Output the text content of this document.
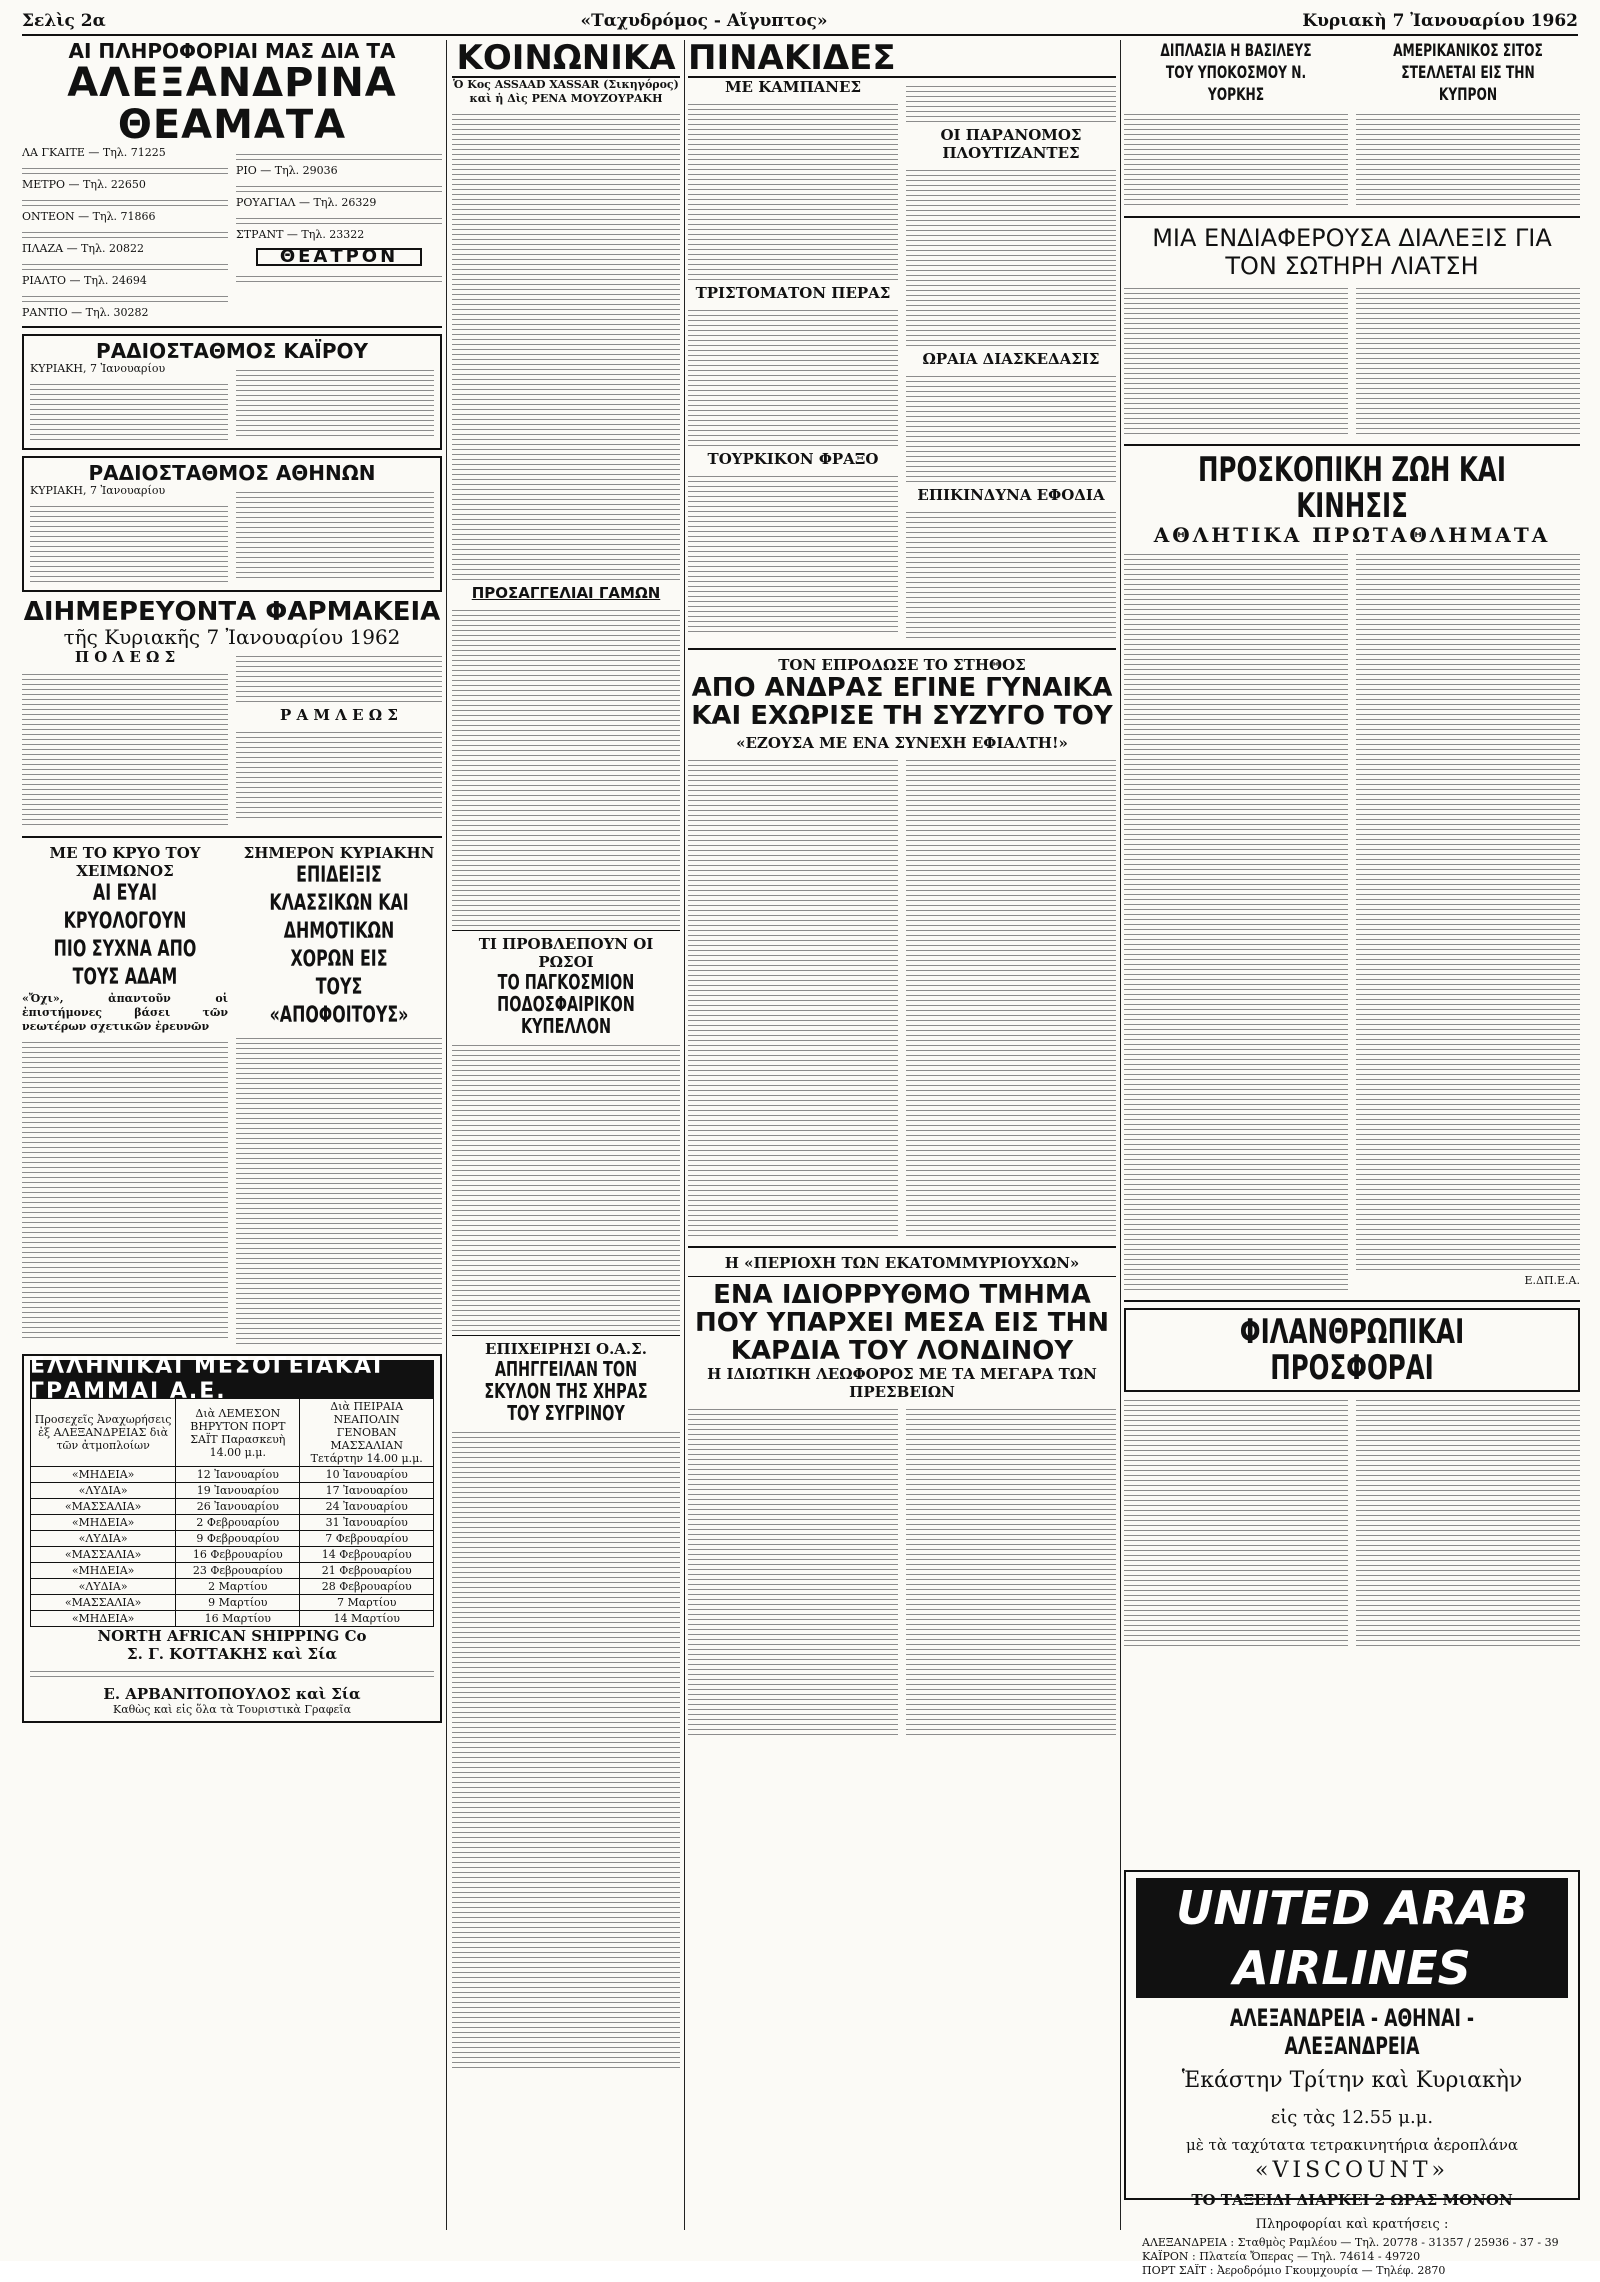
Σελὶς 2α	«Ταχυδρόμος - Αἴγυπτος»	Κυριακὴ 7 Ἰανουαρίου 1962
ΑΙ ΠΛΗΡΟΦΟΡΙΑΙ ΜΑΣ ΔΙΑ ΤΑ
ΑΛΕΞΑΝΔΡΙΝΑ ΘΕΑΜΑΤΑ
ΛΑ ΓΚΑΙΤΕ — Τηλ. 71225
ΜΕΤΡΟ — Τηλ. 22650
ΟΝΤΕΟΝ — Τηλ. 71866
ΠΛΑΖΑ — Τηλ. 20822
ΡΙΑΛΤΟ — Τηλ. 24694
ΡΑΝΤΙΟ — Τηλ. 30282
ΡΙΟ — Τηλ. 29036
ΡΟΥΑΓΙΑΛ — Τηλ. 26329
ΣΤΡΑΝΤ — Τηλ. 23322
ΘΕΑΤΡΟΝ
ΡΑΔΙΟΣΤΑΘΜΟΣ ΚΑΪΡΟΥ
ΚΥΡΙΑΚΗ, 7 Ἰανουαρίου
ΡΑΔΙΟΣΤΑΘΜΟΣ ΑΘΗΝΩΝ
ΚΥΡΙΑΚΗ, 7 Ἰανουαρίου
ΔΙΗΜΕΡΕΥΟΝΤΑ ΦΑΡΜΑΚΕΙΑ
τῆς Κυριακῆς 7 Ἰανουαρίου 1962
Π Ο Λ Ε Ω Σ
Ρ Α Μ Λ Ε Ω Σ
ΜΕ ΤΟ ΚΡΥΟ ΤΟΥ ΧΕΙΜΩΝΟΣ
ΑΙ ΕΥΑΙ ΚΡΥΟΛΟΓΟΥΝ ΠΙΟ ΣΥΧΝΑ ΑΠΟ ΤΟΥΣ ΑΔΑΜ
«Ὄχι», ἀπαντοῦν οἱ ἐπιστήμονες βάσει τῶν νεωτέρων σχετικῶν ἐρευνῶν
ΣΗΜΕΡΟΝ ΚΥΡΙΑΚΗΝ
ΕΠΙΔΕΙΞΙΣ ΚΛΑΣΣΙΚΩΝ ΚΑΙ ΔΗΜΟΤΙΚΩΝ ΧΟΡΩΝ ΕΙΣ ΤΟΥΣ «ΑΠΟΦΟΙΤΟΥΣ»
ΕΛΛΗΝΙΚΑΙ ΜΕΣΟΓΕΙΑΚΑΙ ΓΡΑΜΜΑΙ Α.Ε.
Προσεχεῖς Ἀναχωρήσεις ἐξ ΑΛΕΞΑΝΔΡΕΙΑΣ διὰ τῶν ἀτμοπλοίων	Διὰ ΛΕΜΕΣΟΝ ΒΗΡΥΤΟΝ ΠΟΡΤ ΣΑΪΤ Παρασκευὴ 14.00 μ.μ.	Διὰ ΠΕΙΡΑΙΑ ΝΕΑΠΟΛΙΝ ΓΕΝΟΒΑΝ ΜΑΣΣΑΛΙΑΝ Τετάρτην 14.00 μ.μ.
«ΜΗΔΕΙΑ»	12 Ἰανουαρίου	10 Ἰανουαρίου
«ΛΥΔΙΑ»	19 Ἰανουαρίου	17 Ἰανουαρίου
«ΜΑΣΣΑΛΙΑ»	26 Ἰανουαρίου	24 Ἰανουαρίου
«ΜΗΔΕΙΑ»	2 Φεβρουαρίου	31 Ἰανουαρίου
«ΛΥΔΙΑ»	9 Φεβρουαρίου	7 Φεβρουαρίου
«ΜΑΣΣΑΛΙΑ»	16 Φεβρουαρίου	14 Φεβρουαρίου
«ΜΗΔΕΙΑ»	23 Φεβρουαρίου	21 Φεβρουαρίου
«ΛΥΔΙΑ»	2 Μαρτίου	28 Φεβρουαρίου
«ΜΑΣΣΑΛΙΑ»	9 Μαρτίου	7 Μαρτίου
«ΜΗΔΕΙΑ»	16 Μαρτίου	14 Μαρτίου
NORTH AFRICAN SHIPPING Co
Σ. Γ. ΚΟΤΤΑΚΗΣ καὶ Σία
Ε. ΑΡΒΑΝΙΤΟΠΟΥΛΟΣ καὶ Σία
Καθὼς καὶ εἰς ὅλα τὰ Τουριστικὰ Γραφεῖα
ΚΟΙΝΩΝΙΚΑ
Ὁ Κος ASSAAD XASSAR (Σικηγόρος) καὶ ἡ Δὶς ΡΕΝΑ ΜΟΥΖΟΥΡΑΚΗ
ΠΡΟΣΑΓΓΕΛΙΑΙ ΓΑΜΩΝ
ΤΙ ΠΡΟΒΛΕΠΟΥΝ ΟΙ ΡΩΣΟΙ
ΤΟ ΠΑΓΚΟΣΜΙΟΝ ΠΟΔΟΣΦΑΙΡΙΚΟΝ ΚΥΠΕΛΛΟΝ
ΕΠΙΧΕΙΡΗΣΙ Ο.Α.Σ.
ΑΠΗΓΓΕΙΛΑΝ ΤΟΝ ΣΚΥΛΟΝ ΤΗΣ ΧΗΡΑΣ ΤΟΥ ΣΥΓΡΙΝΟΥ
ΠΙΝΑΚΙΔΕΣ
ΜΕ ΚΑΜΠΑΝΕΣ
ΤΡΙΣΤΟΜΑΤΟΝ ΠΕΡΑΣ
ΤΟΥΡΚΙΚΟΝ ΦΡΑΞΟ
ΟΙ ΠΑΡΑΝΟΜΟΣ ΠΛΟΥΤΙΖΑΝΤΕΣ
ΩΡΑΙΑ ΔΙΑΣΚΕΔΑΣΙΣ
ΕΠΙΚΙΝΔΥΝΑ ΕΦΟΔΙΑ
ΤΟΝ ΕΠΡΟΔΩΣΕ ΤΟ ΣΤΗΘΟΣ
ΑΠΟ ΑΝΔΡΑΣ ΕΓΙΝΕ ΓΥΝΑΙΚΑ ΚΑΙ ΕΧΩΡΙΣΕ ΤΗ ΣΥΖΥΓΟ ΤΟΥ
«ΕΖΟΥΣΑ ΜΕ ΕΝΑ ΣΥΝΕΧΗ ΕΦΙΑΛΤΗ!»
Η «ΠΕΡΙΟΧΗ ΤΩΝ ΕΚΑΤΟΜΜΥΡΙΟΥΧΩΝ»
ΕΝΑ ΙΔΙΟΡΡΥΘΜΟ ΤΜΗΜΑ ΠΟΥ ΥΠΑΡΧΕΙ ΜΕΣΑ ΕΙΣ ΤΗΝ ΚΑΡΔΙΑ ΤΟΥ ΛΟΝΔΙΝΟΥ
Η ΙΔΙΩΤΙΚΗ ΛΕΩΦΟΡΟΣ ΜΕ ΤΑ ΜΕΓΑΡΑ ΤΩΝ ΠΡΕΣΒΕΙΩΝ
ΔΙΠΛΑΣΙΑ Η ΒΑΣΙΛΕΥΣ ΤΟΥ ΥΠΟΚΟΣΜΟΥ Ν. ΥΟΡΚΗΣ
ΑΜΕΡΙΚΑΝΙΚΟΣ ΣΙΤΟΣ ΣΤΕΛΛΕΤΑΙ ΕΙΣ ΤΗΝ ΚΥΠΡΟΝ
ΜΙΑ ΕΝΔΙΑΦΕΡΟΥΣΑ ΔΙΑΛΕΞΙΣ ΓΙΑ ΤΟΝ ΣΩΤΗΡΗ ΛΙΑΤΣΗ
ΠΡΟΣΚΟΠΙΚΗ ΖΩΗ ΚΑΙ ΚΙΝΗΣΙΣ
ΑΘΛΗΤΙΚΑ ΠΡΩΤΑΘΛΗΜΑΤΑ
Ε.ΔΠ.Ε.Α.
ΦΙΛΑΝΘΡΩΠΙΚΑΙ ΠΡΟΣΦΟΡΑΙ
UNITED ARAB AIRLINES
ΑΛΕΞΑΝΔΡΕΙΑ - ΑΘΗΝΑΙ - ΑΛΕΞΑΝΔΡΕΙΑ
Ἑκάστην Τρίτην καὶ Κυριακὴν
εἰς τὰς 12.55 μ.μ.
μὲ τὰ ταχύτατα τετρακινητήρια ἀεροπλάνα
«VISCOUNT»
ΤΟ ΤΑΞΕΙΔΙ ΔΙΑΡΚΕΙ 2 ΩΡΑΣ ΜΟΝΟΝ
Πληροφορίαι καὶ κρατήσεις :
ΑΛΕΞΑΝΔΡΕΙΑ : Σταθμὸς Ραμλέου — Τηλ. 20778 - 31357 / 25936 - 37 - 39
ΚΑΪΡΟΝ : Πλατεία Ὄπερας — Τηλ. 74614 - 49720
ΠΟΡΤ ΣΑΪΤ : Ἀεροδρόμιο Γκουμχουρία — Τηλέφ. 2870
